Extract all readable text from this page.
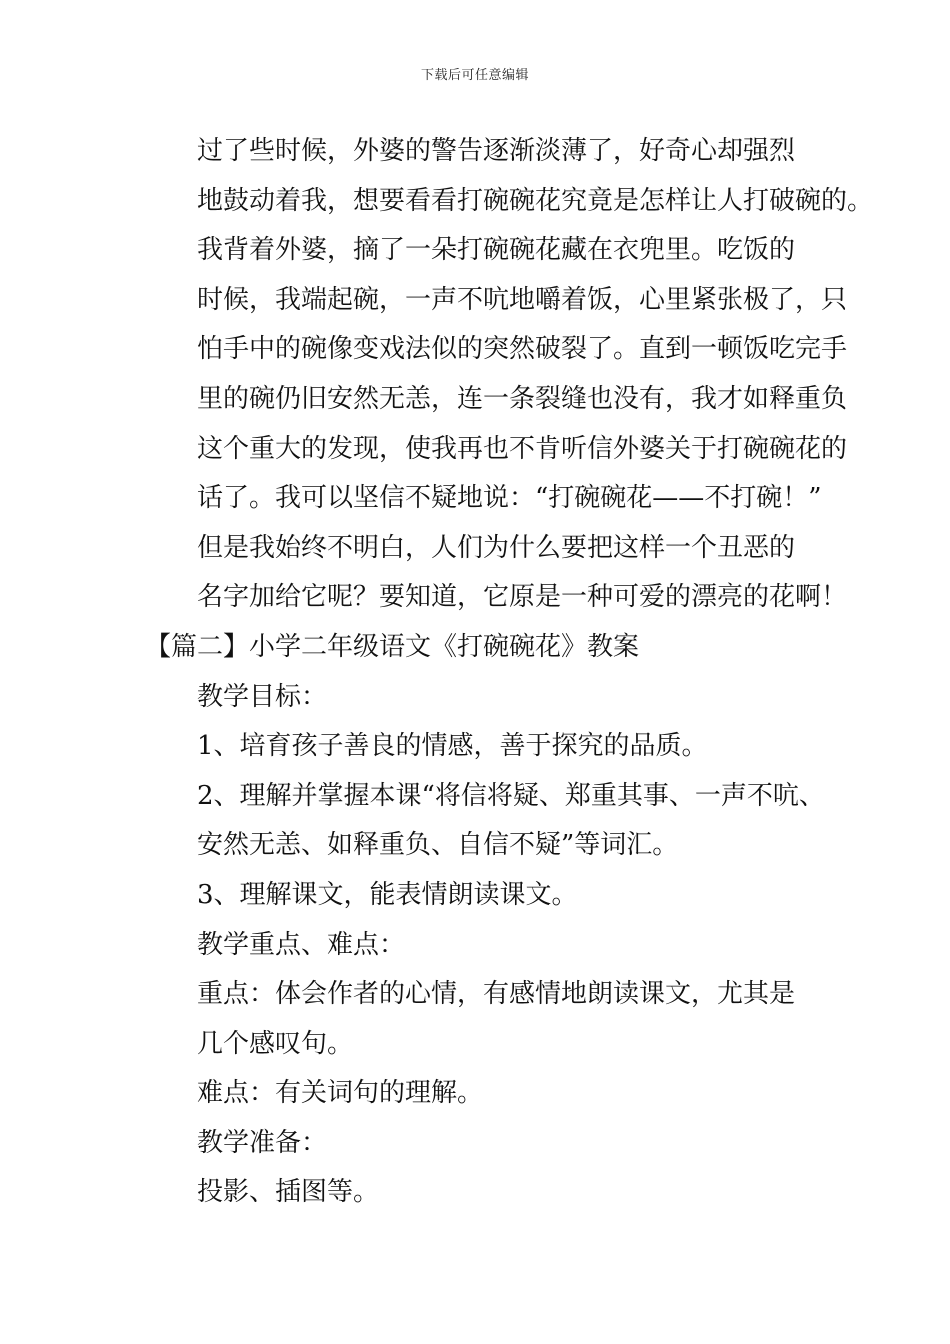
下载后可任意编辑

过了些时候，外婆的警告逐渐淡薄了，好奇心却强烈
地鼓动着我，想要看看打碗碗花究竟是怎样让人打破碗的。

我背着外婆，摘了一朵打碗碗花藏在衣兜里。吃饭的
时候，我端起碗，一声不吭地嚼着饭，心里紧张极了，只
怕手中的碗像变戏法似的突然破裂了。直到一顿饭吃完手
里的碗仍旧安然无恙，连一条裂缝也没有，我才如释重负
这个重大的发现，使我再也不肯听信外婆关于打碗碗花的
话了。我可以坚信不疑地说：“打碗碗花——不打碗！”

但是我始终不明白，人们为什么要把这样一个丑恶的
名字加给它呢？要知道，它原是一种可爱的漂亮的花啊！

【篇二】小学二年级语文《打碗碗花》教案

教学目标：

1、培育孩子善良的情感，善于探究的品质。

2、理解并掌握本课“将信将疑、郑重其事、一声不吭、
安然无恙、如释重负、自信不疑”等词汇。

3、理解课文，能表情朗读课文。

教学重点、难点：

重点：体会作者的心情，有感情地朗读课文，尤其是
几个感叹句。

难点：有关词句的理解。

教学准备：

投影、插图等。
